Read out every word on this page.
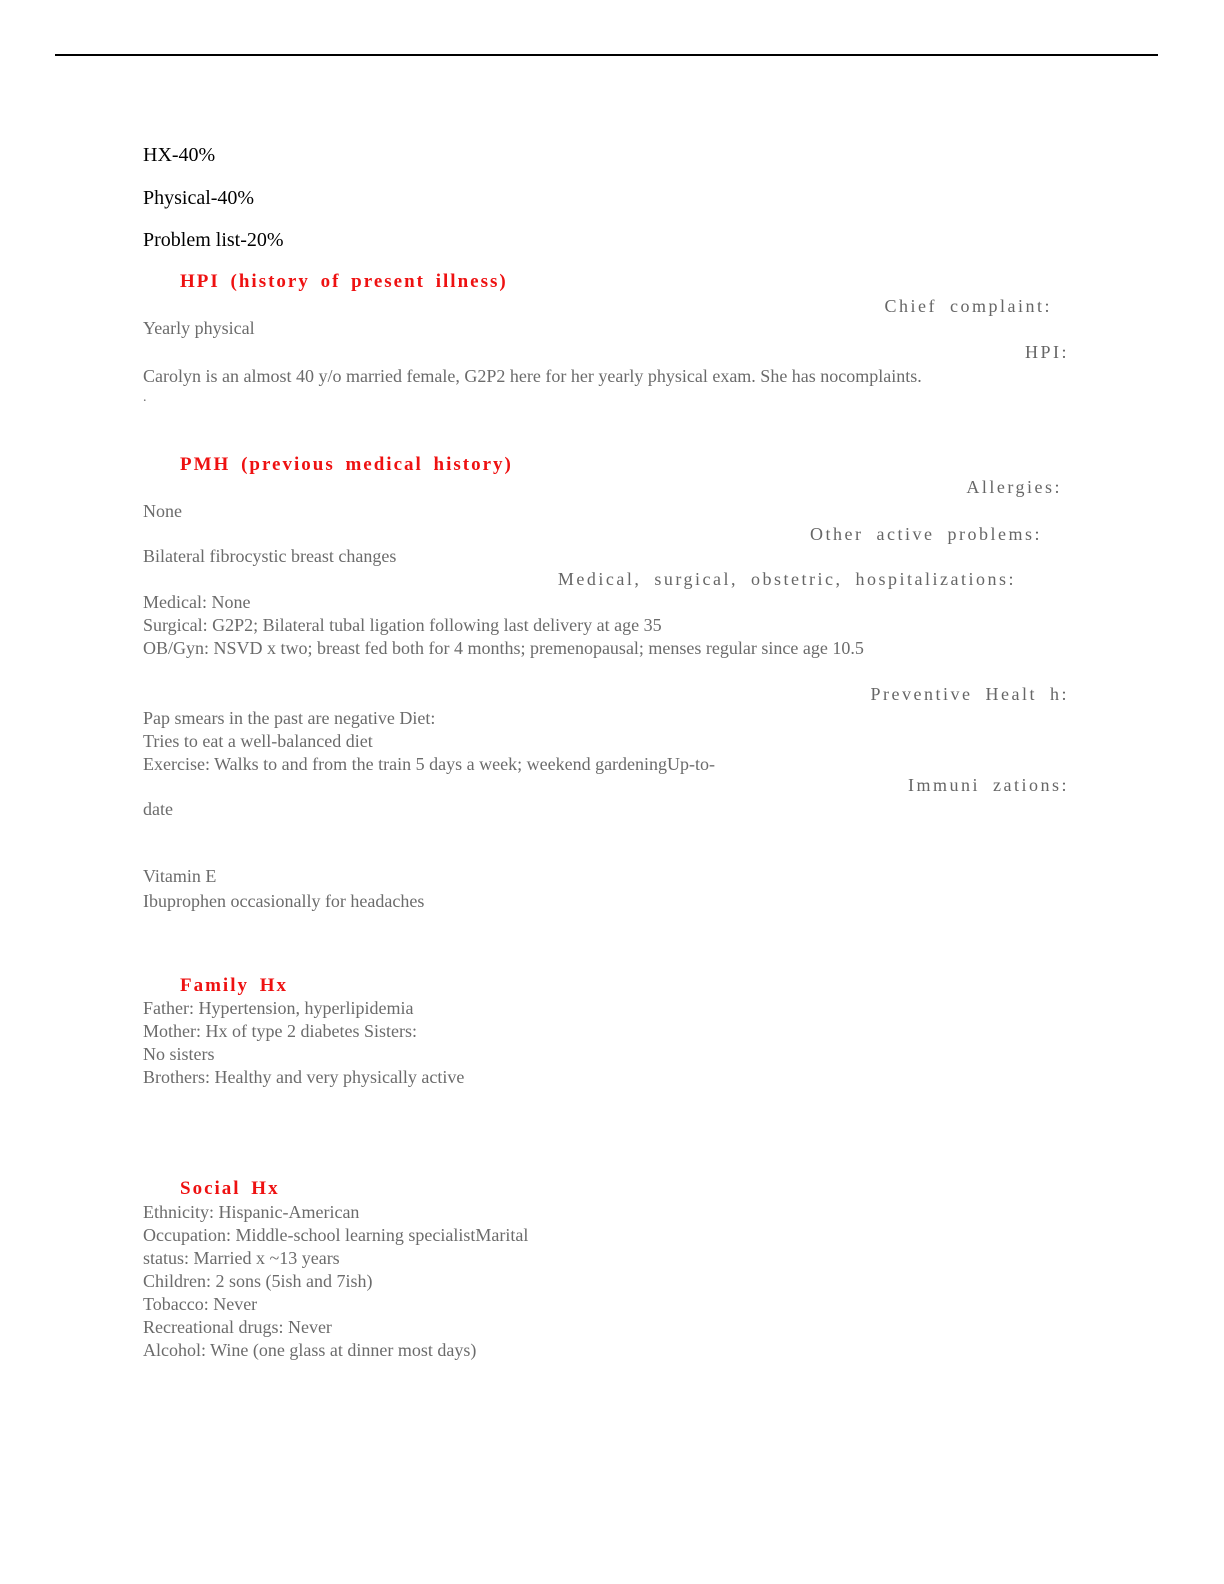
HX-40%
Physical-40%
Problem list-20%
HPI (history of present illness)
Chief complaint:
Yearly physical
HPI:
Carolyn is an almost 40 y/o married female, G2P2 here for her yearly physical exam. She has nocomplaints.
.
PMH (previous medical history)
Allergies:
None
Other active problems:
Bilateral fibrocystic breast changes
Medical, surgical, obstetric, hospitalizations:
Medical: None
Surgical: G2P2; Bilateral tubal ligation following last delivery at age 35
OB/Gyn: NSVD x two; breast fed both for 4 months; premenopausal; menses regular since age 10.5
Preventive Healt h:
Pap smears in the past are negative Diet:
Tries to eat a well-balanced diet
Exercise: Walks to and from the train 5 days a week; weekend gardeningUp-to-
Immuni zations:
date
Vitamin E
Ibuprophen occasionally for headaches
Family Hx
Father: Hypertension, hyperlipidemia
Mother: Hx of type 2 diabetes Sisters:
No sisters
Brothers: Healthy and very physically active
Social Hx
Ethnicity: Hispanic-American
Occupation: Middle-school learning specialistMarital
status: Married x ~13 years
Children: 2 sons (5ish and 7ish)
Tobacco: Never
Recreational drugs: Never
Alcohol: Wine (one glass at dinner most days)
